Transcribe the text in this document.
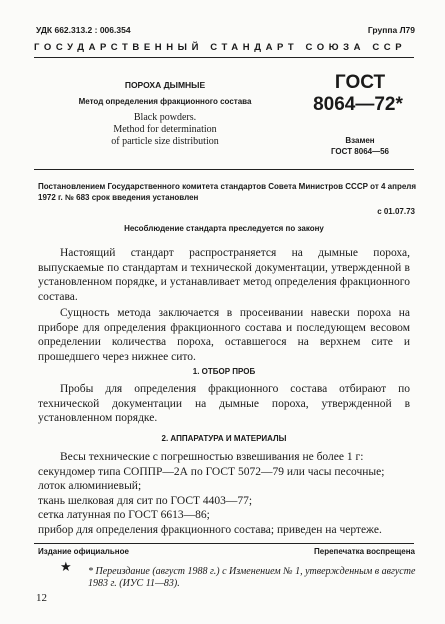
УДК 662.313.2 : 006.354	Группа Л79
ГОСУДАРСТВЕННЫЙ СТАНДАРТ СОЮЗА ССР
ПОРОХА ДЫМНЫЕ
Метод определения фракционного состава
Black powders.
Method for determination
of particle size distribution
ГОСТ
8064—72*
Взамен
ГОСТ 8064—56
Постановлением Государственного комитета стандартов Совета Министров СССР от 4 апреля 1972 г. № 683 срок введения установлен
с 01.07.73
Несоблюдение стандарта преследуется по закону
Настоящий стандарт распространяется на дымные пороха, выпускаемые по стандартам и технической документации, утвержденной в установленном порядке, и устанавливает метод определения фракционного состава.
Сущность метода заключается в просеивании навески пороха на приборе для определения фракционного состава и последующем весовом определении количества пороха, оставшегося на верхнем сите и прошедшего через нижнее сито.
1. ОТБОР ПРОБ
Пробы для определения фракционного состава отбирают по технической документации на дымные пороха, утвержденной в установленном порядке.
2. АППАРАТУРА И МАТЕРИАЛЫ
Весы технические с погрешностью взвешивания не более 1 г:
секундомер типа СОППР—2А по ГОСТ 5072—79 или часы песочные;
лоток алюминиевый;
ткань шелковая для сит по ГОСТ 4403—77;
сетка латунная по ГОСТ 6613—86;
прибор для определения фракционного состава; приведен на чертеже.
Издание официальное	Перепечатка воспрещена
★ * Переиздание (август 1988 г.) с Изменением № 1, утвержденным в августе 1983 г. (ИУС 11—83).
12
